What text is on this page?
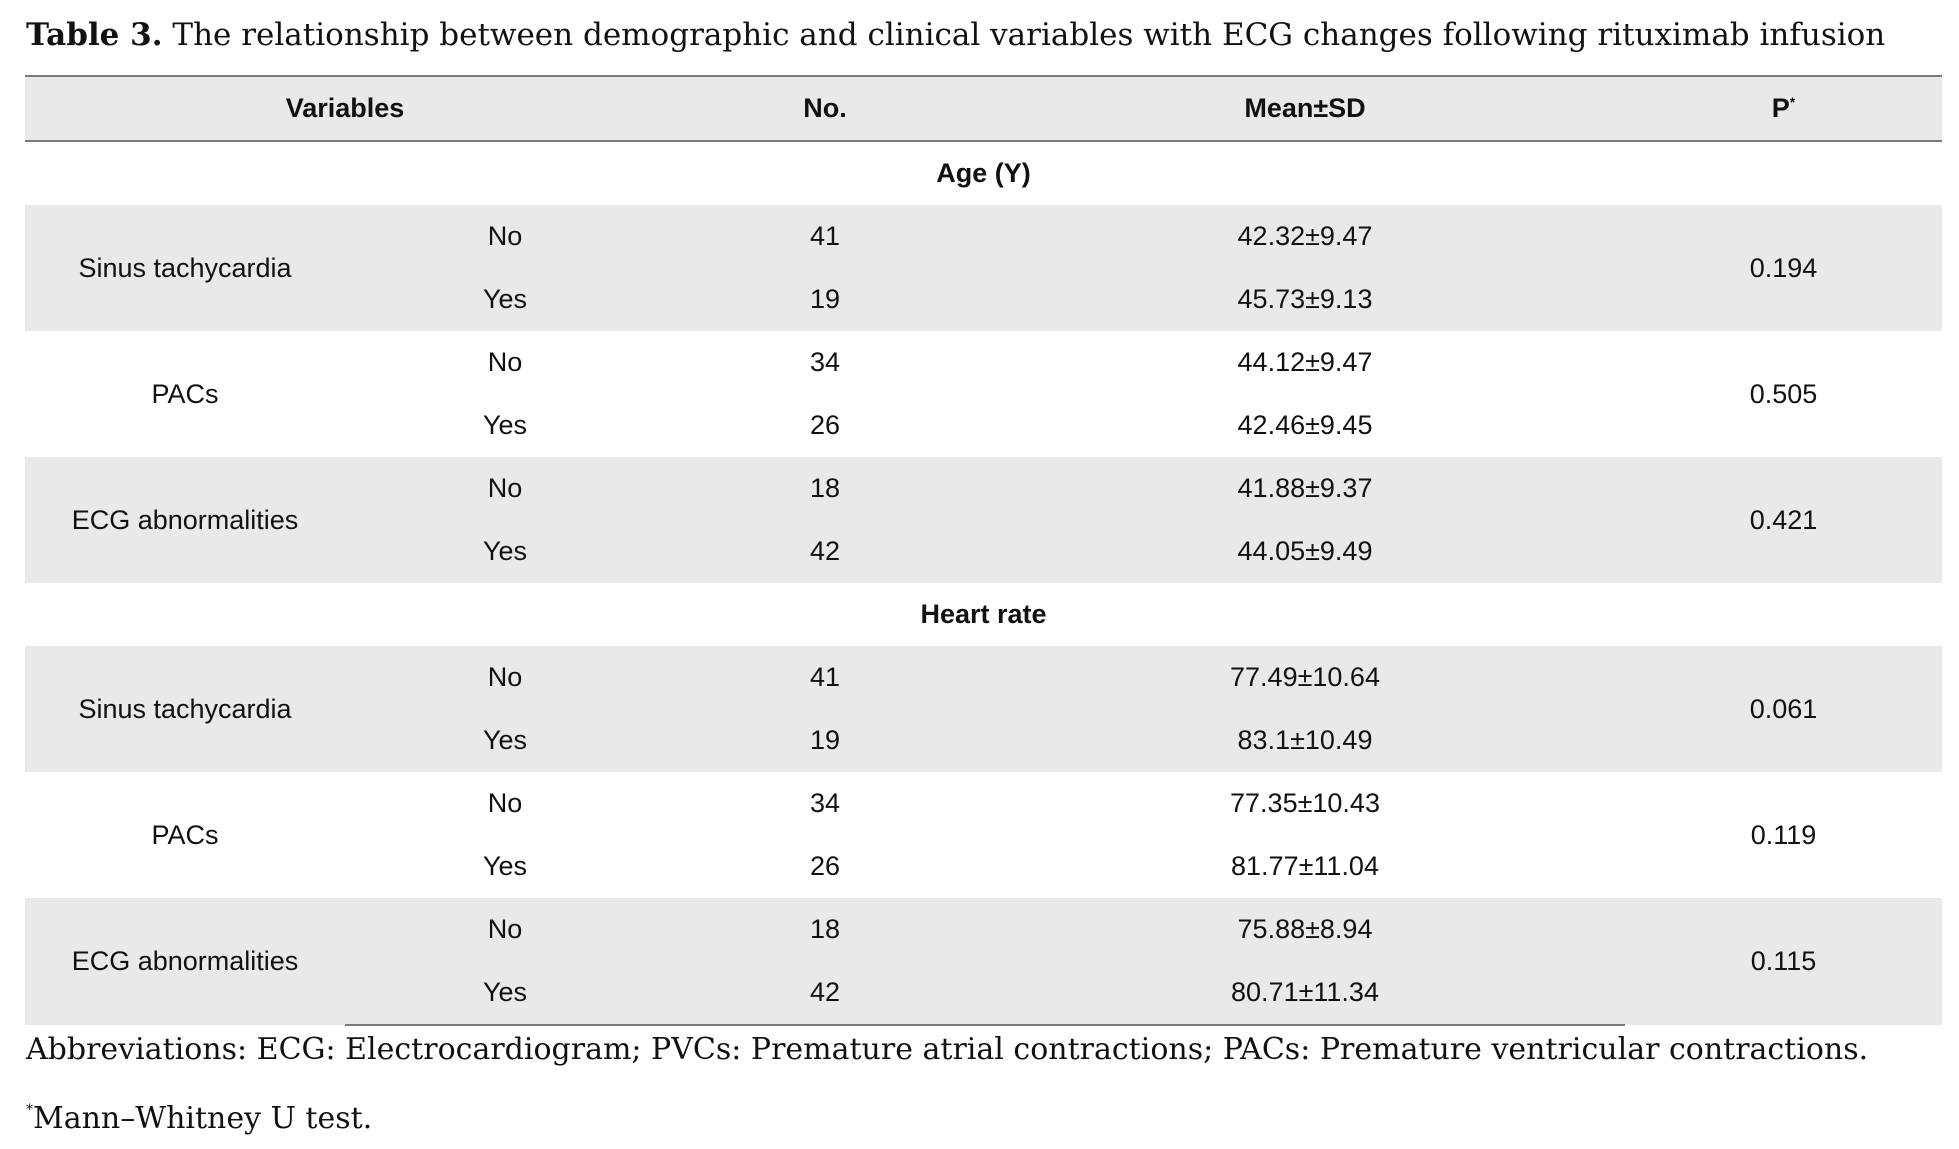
Table 3. The relationship between demographic and clinical variables with ECG changes following rituximab infusion
Variables		No.	Mean±SD	P*
Age (Y)				
Sinus tachycardia	No	41	42.32±9.47	0.194
	Yes	19	45.73±9.13	
PACs	No	34	44.12±9.47	0.505
	Yes	26	42.46±9.45	
ECG abnormalities	No	18	41.88±9.37	0.421
	Yes	42	44.05±9.49	
Heart rate				
Sinus tachycardia	No	41	77.49±10.64	0.061
	Yes	19	83.1±10.49	
PACs	No	34	77.35±10.43	0.119
	Yes	26	81.77±11.04	
ECG abnormalities	No	18	75.88±8.94	0.115
	Yes	42	80.71±11.34	
Abbreviations: ECG: Electrocardiogram; PVCs: Premature atrial contractions; PACs: Premature ventricular contractions.
*Mann–Whitney U test.
